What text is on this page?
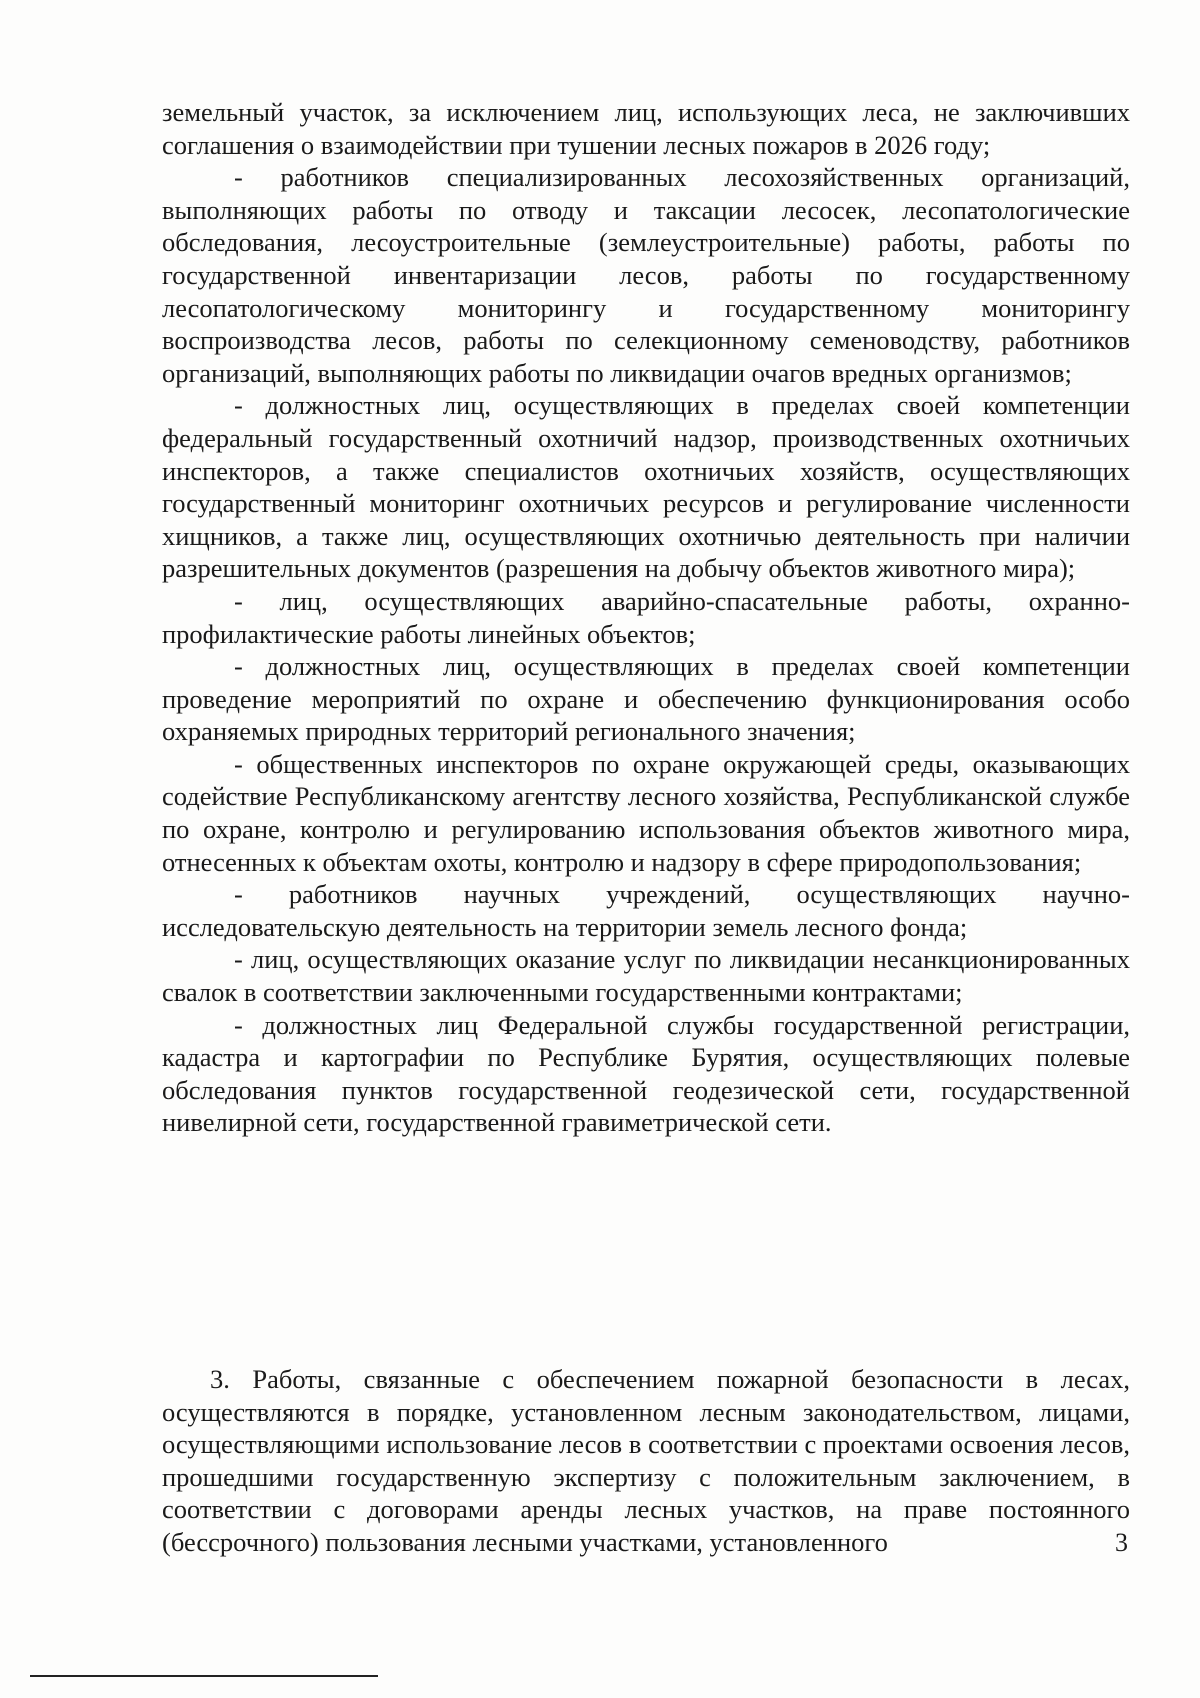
земельный участок, за исключением лиц, использующих леса, не заключивших соглашения о взаимодействии при тушении лесных пожаров в 2026 году;

- работников специализированных лесохозяйственных организаций, выполняющих работы по отводу и таксации лесосек, лесопатологические обследования, лесоустроительные (землеустроительные) работы, работы по государственной инвентаризации лесов, работы по государственному лесопатологическому мониторингу и государственному мониторингу воспроизводства лесов, работы по селекционному семеноводству, работников организаций, выполняющих работы по ликвидации очагов вредных организмов;

- должностных лиц, осуществляющих в пределах своей компетенции федеральный государственный охотничий надзор, производственных охотничьих инспекторов, а также специалистов охотничьих хозяйств, осуществляющих государственный мониторинг охотничьих ресурсов и регулирование численности хищников, а также лиц, осуществляющих охотничью деятельность при наличии разрешительных документов (разрешения на добычу объектов животного мира);

- лиц, осуществляющих аварийно-спасательные работы, охранно-профилактические работы линейных объектов;

- должностных лиц, осуществляющих в пределах своей компетенции проведение мероприятий по охране и обеспечению функционирования особо охраняемых природных территорий регионального значения;

- общественных инспекторов по охране окружающей среды, оказывающих содействие Республиканскому агентству лесного хозяйства, Республиканской службе по охране, контролю и регулированию использования объектов животного мира, отнесенных к объектам охоты, контролю и надзору в сфере природопользования;

- работников научных учреждений, осуществляющих научно-исследовательскую деятельность на территории земель лесного фонда;

- лиц, осуществляющих оказание услуг по ликвидации несанкционированных свалок в соответствии заключенными государственными контрактами;

- должностных лиц Федеральной службы государственной регистрации, кадастра и картографии по Республике Бурятия, осуществляющих полевые обследования пунктов государственной геодезической сети, государственной нивелирной сети, государственной гравиметрической сети.

3. Работы, связанные с обеспечением пожарной безопасности в лесах, осуществляются в порядке, установленном лесным законодательством, лицами, осуществляющими использование лесов в соответствии с проектами освоения лесов, прошедшими государственную экспертизу с положительным заключением, в соответствии с договорами аренды лесных участков, на праве постоянного (бессрочного) пользования лесными участками, установленного	3
